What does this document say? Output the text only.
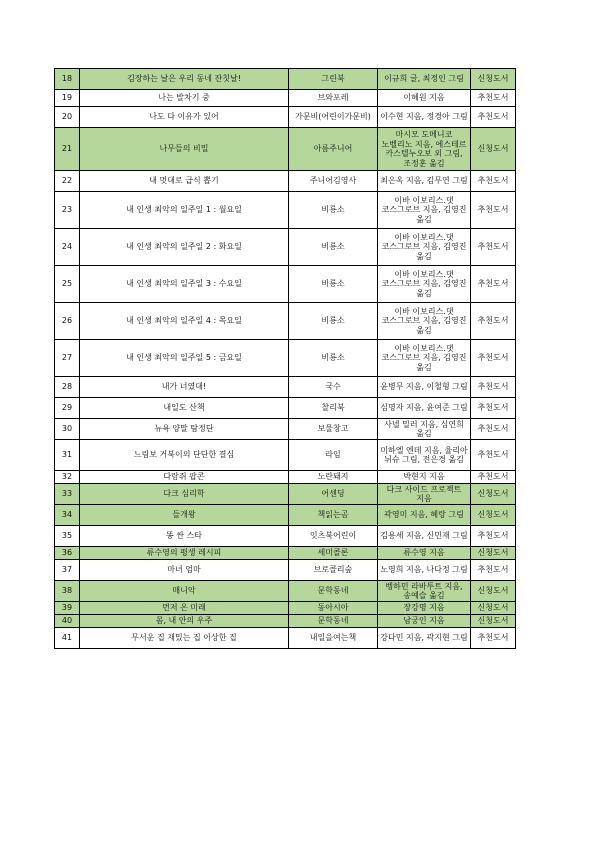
18	김장하는 날은 우리 동네 잔칫날!	그린북	이규희 글, 최정인 그림	신청도서
19	나는 발차기 중	브와포레	이혜원 지음	추천도서
20	나도 다 이유가 있어	가문비(어린이가문비)	이수현 지음, 정경아 그림	추천도서
21	나무들의 비밀	아름주니어	마시모 도메니코 노벨리노 지음, 에스테르 카스텔누오보 외 그림, 조정훈 옮김	신청도서
22	내 멋대로 급식 뽑기	주니어김영사	최은옥 지음, 김무연 그림	추천도서
23	내 인생 최악의 일주일 1 : 월요일	비룡소	이바 이보리스.댓 코스그로브 지음, 김영진 옮김	추천도서
24	내 인생 최악의 일주일 2 : 화요일	비룡소	이바 이보리스.댓 코스그로브 지음, 김영진 옮김	추천도서
25	내 인생 최악의 일주일 3 : 수요일	비룡소	이바 이보리스.댓 코스그로브 지음, 김영진 옮김	추천도서
26	내 인생 최악의 일주일 4 : 목요일	비룡소	이바 이보리스.댓 코스그로브 지음, 김영진 옮김	추천도서
27	내 인생 최악의 일주일 5 : 금요일	비룡소	이바 이보리스.댓 코스그로브 지음, 김영진 옮김	추천도서
28	내가 너였대!	국수	윤병무 지음, 이철형 그림	추천도서
29	내일도 산책	찰리북	심명자 지음, 윤여준 그림	추천도서
30	뉴욕 양말 탐정단	보물창고	사넬 밀러 지음, 심연희 옮김	추천도서
31	느림보 거북이의 단단한 결심	라임	미하엘 엔데 지음, 율리아 뉘슈 그림, 전은경 옮김	추천도서
32	다람쥐 팝콘	노란돼지	박현지 지음	추천도서
33	다크 심리학	어센딩	다크 사이드 프로젝트 지음	신청도서
34	들개왕	책읽는곰	곽영미 지음, 혜랑 그림	신청도서
35	똥 싼 스타	잇츠북어린이	김용세 지음, 신민재 그림	추천도서
36	류수영의 평생 레시피	세미콜론	류수영 지음	신청도서
37	마녀 엄마	브로콜리숲	노영희 지음, 나다정 그림	추천도서
38	매니악	문학동네	벵하민 라바투트 지음, 송예슬 옮김	신청도서
39	먼저 온 미래	동아시아	장강명 지음	신청도서
40	몸, 내 안의 우주	문학동네	남궁인 지음	신청도서
41	무서운 집 재밌는 집 이상한 집	내일을여는책	강다민 지음, 곽지현 그림	추천도서
